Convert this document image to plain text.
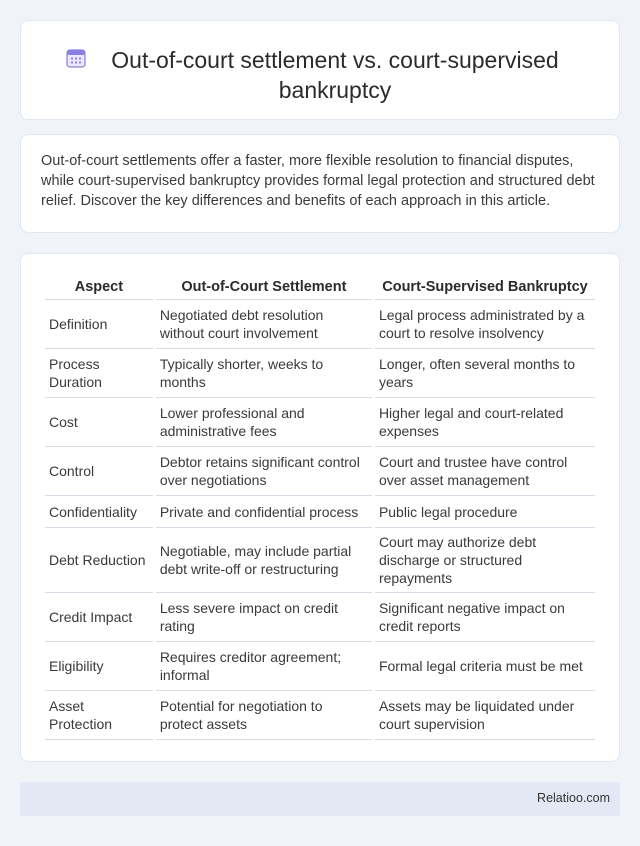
Out-of-court settlement vs. court-supervised bankruptcy

Out-of-court settlements offer a faster, more flexible resolution to financial disputes, while court-supervised bankruptcy provides formal legal protection and structured debt relief. Discover the key differences and benefits of each approach in this article.

Aspect	Out-of-Court Settlement	Court-Supervised Bankruptcy
Definition	Negotiated debt resolution without court involvement	Legal process administrated by a court to resolve insolvency
Process Duration	Typically shorter, weeks to months	Longer, often several months to years
Cost	Lower professional and administrative fees	Higher legal and court-related expenses
Control	Debtor retains significant control over negotiations	Court and trustee have control over asset management
Confidentiality	Private and confidential process	Public legal procedure
Debt Reduction	Negotiable, may include partial debt write-off or restructuring	Court may authorize debt discharge or structured repayments
Credit Impact	Less severe impact on credit rating	Significant negative impact on credit reports
Eligibility	Requires creditor agreement; informal	Formal legal criteria must be met
Asset Protection	Potential for negotiation to protect assets	Assets may be liquidated under court supervision
Relatioo.com
